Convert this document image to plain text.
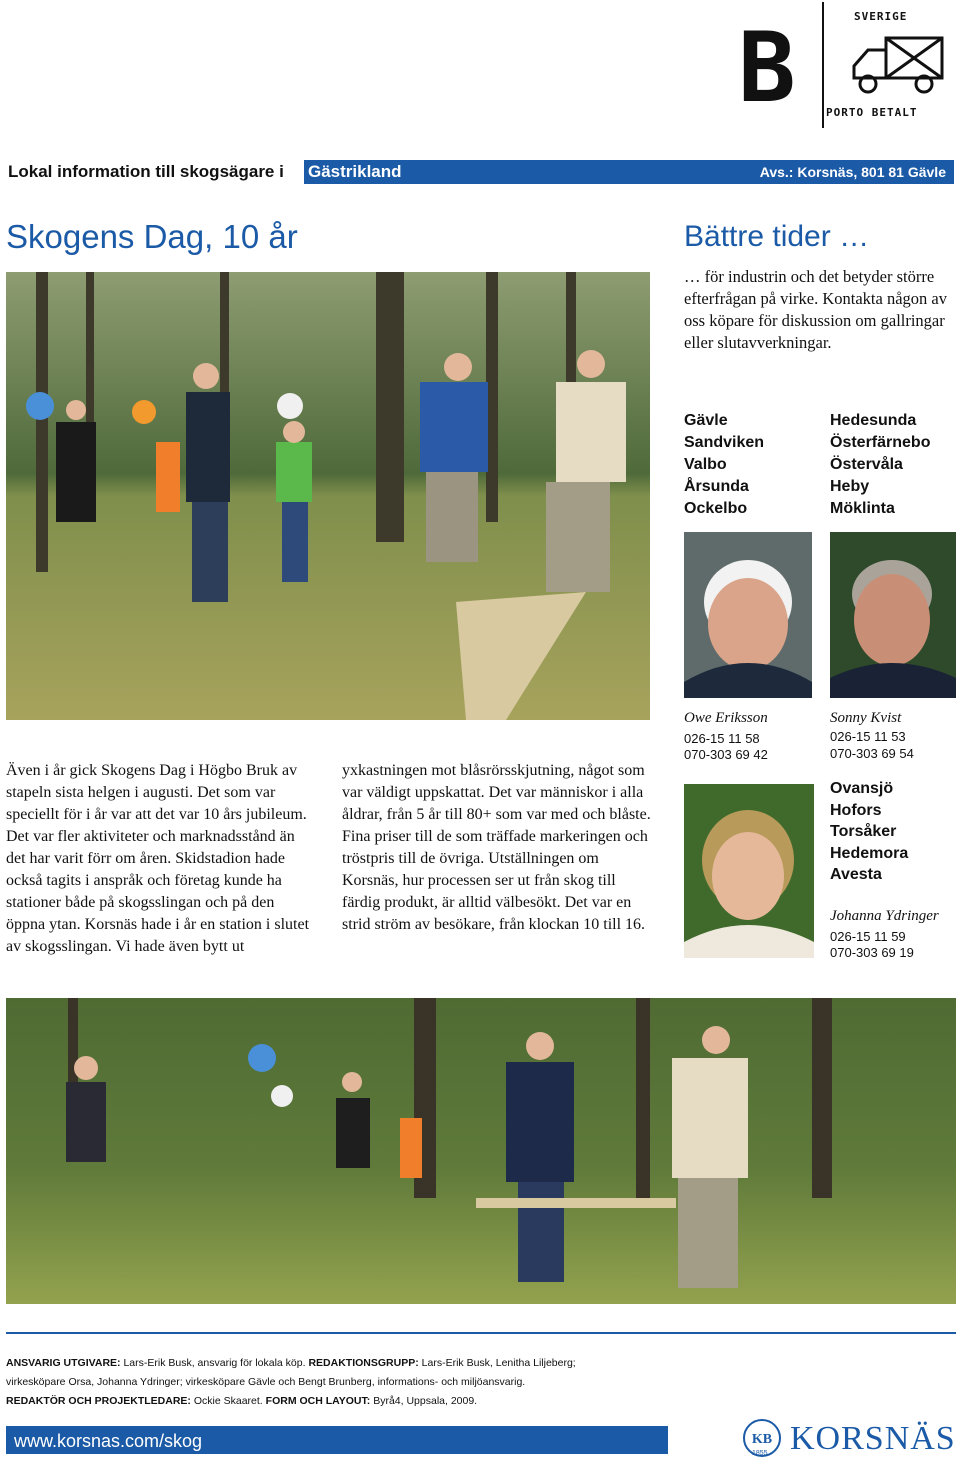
B	SVERIGE
PORTO BETALT
Lokal information till skogsägare i Gästrikland	Avs.: Korsnäs, 801 81 Gävle
Skogens Dag, 10 år	Bättre tider …
… för industrin och det betyder större efterfrågan på virke. Kontakta någon av oss köpare för diskussion om gallringar eller slutavverkningar.
Gävle
Sandviken
Valbo
Årsunda
Ockelbo
Hedesunda
Österfärnebo
Östervåla
Heby
Möklinta
Owe Eriksson
026-15 11 58
070-303 69 42
Sonny Kvist
026-15 11 53
070-303 69 54
Ovansjö
Hofors
Torsåker
Hedemora
Avesta
Johanna Ydringer
026-15 11 59
070-303 69 19
Även i år gick Skogens Dag i Högbo Bruk av stapeln sista helgen i augusti. Det som var speciellt för i år var att det var 10 års jubileum. Det var fler aktiviteter och marknadsstånd än det har varit förr om åren. Skidstadion hade också tagits i anspråk och företag kunde ha stationer både på skogsslingan och på den öppna ytan. Korsnäs hade i år en station i slutet av skogsslingan. Vi hade även bytt ut
yxkastningen mot blåsrörsskjutning, något som var väldigt uppskattat. Det var människor i alla åldrar, från 5 år till 80+ som var med och blåste. Fina priser till de som träffade markeringen och tröstpris till de övriga. Utställningen om Korsnäs, hur processen ser ut från skog till färdig produkt, är alltid välbesökt. Det var en strid ström av besökare, från klockan 10 till 16.
ANSVARIG UTGIVARE: Lars-Erik Busk, ansvarig för lokala köp. REDAKTIONSGRUPP: Lars-Erik Busk, Lenitha Liljeberg;
virkesköpare Orsa, Johanna Ydringer; virkesköpare Gävle och Bengt Brunberg, informations- och miljöansvarig.
REDAKTÖR OCH PROJEKTLEDARE: Ockie Skaaret. FORM OCH LAYOUT: Byrå4, Uppsala, 2009.
www.korsnas.com/skog	KB
1855 KORSNÄS
